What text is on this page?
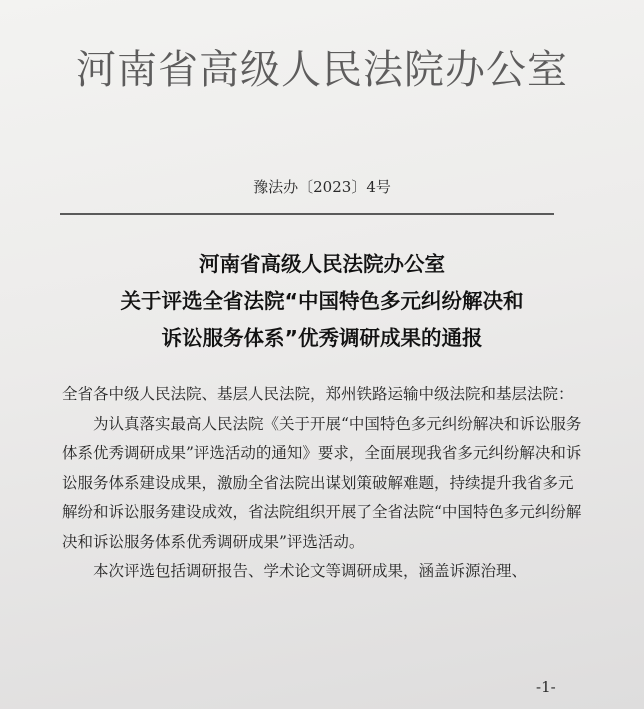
河南省高级人民法院办公室
豫法办〔2023〕4号
河南省高级人民法院办公室
关于评选全省法院“中国特色多元纠纷解决和
诉讼服务体系”优秀调研成果的通报

全省各中级人民法院、基层人民法院，郑州铁路运输中级法院和基层法院：

为认真落实最高人民法院《关于开展“中国特色多元纠纷解决和诉讼服务体系优秀调研成果”评选活动的通知》要求，全面展现我省多元纠纷解决和诉讼服务体系建设成果，激励全省法院出谋划策破解难题，持续提升我省多元解纷和诉讼服务建设成效，省法院组织开展了全省法院“中国特色多元纠纷解决和诉讼服务体系优秀调研成果”评选活动。

本次评选包括调研报告、学术论文等调研成果，涵盖诉源治理、

-1-
